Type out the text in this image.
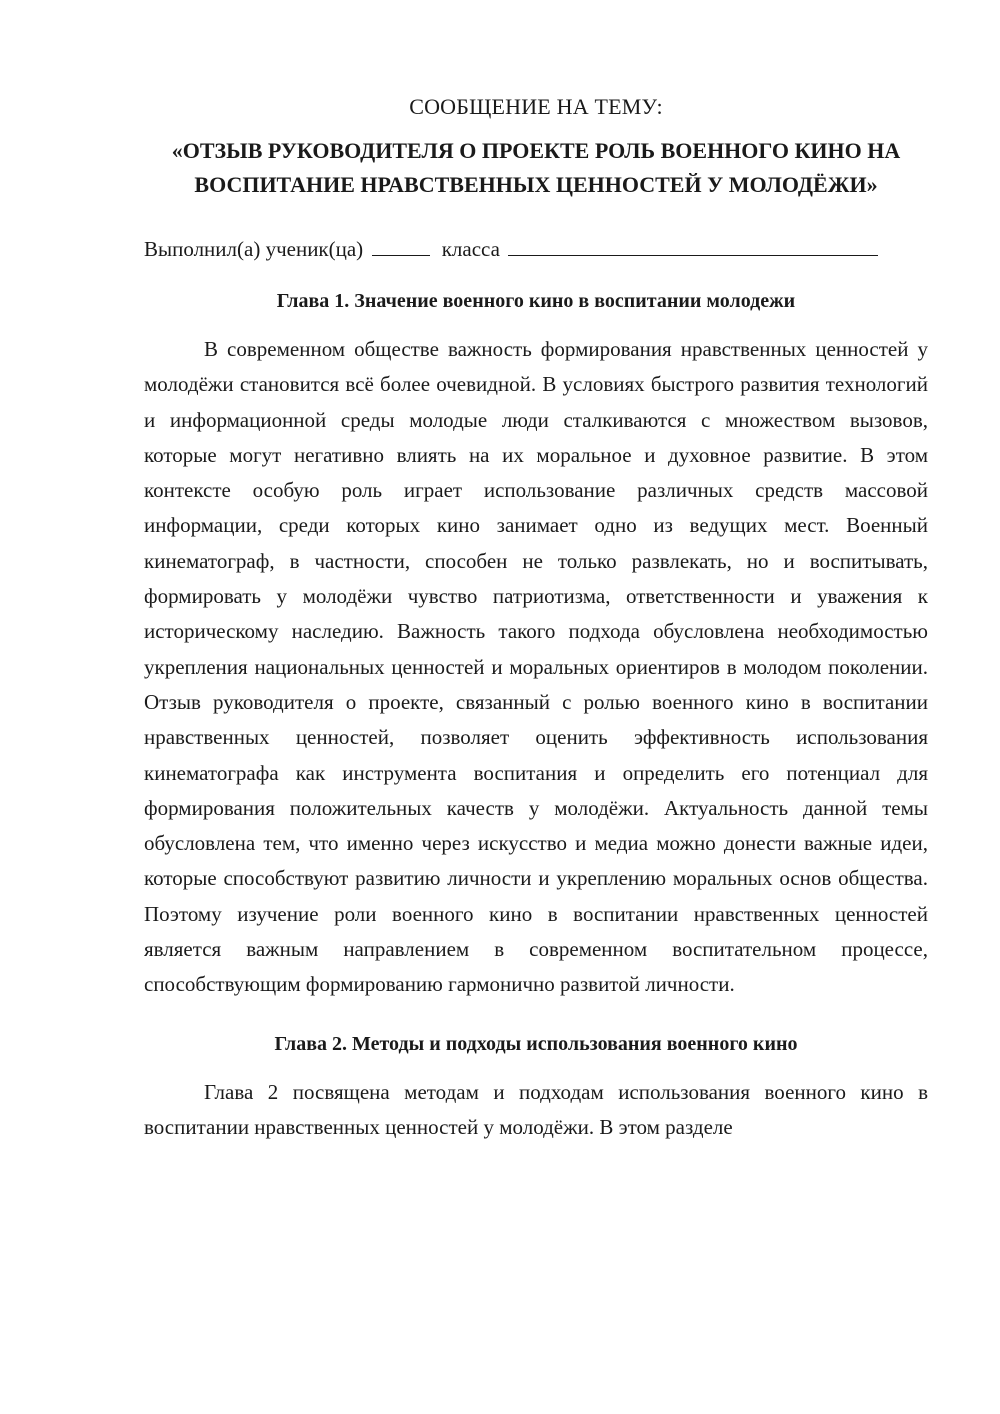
СООБЩЕНИЕ НА ТЕМУ:

«ОТЗЫВ РУКОВОДИТЕЛЯ О ПРОЕКТЕ РОЛЬ ВОЕННОГО КИНО НА ВОСПИТАНИЕ НРАВСТВЕННЫХ ЦЕННОСТЕЙ У МОЛОДЁЖИ»

Выполнил(а) ученик(ца)	класса

Глава 1. Значение военного кино в воспитании молодежи

В современном обществе важность формирования нравственных ценностей у молодёжи становится всё более очевидной. В условиях быстрого развития технологий и информационной среды молодые люди сталкиваются с множеством вызовов, которые могут негативно влиять на их моральное и духовное развитие. В этом контексте особую роль играет использование различных средств массовой информации, среди которых кино занимает одно из ведущих мест. Военный кинематограф, в частности, способен не только развлекать, но и воспитывать, формировать у молодёжи чувство патриотизма, ответственности и уважения к историческому наследию. Важность такого подхода обусловлена необходимостью укрепления национальных ценностей и моральных ориентиров в молодом поколении. Отзыв руководителя о проекте, связанный с ролью военного кино в воспитании нравственных ценностей, позволяет оценить эффективность использования кинематографа как инструмента воспитания и определить его потенциал для формирования положительных качеств у молодёжи. Актуальность данной темы обусловлена тем, что именно через искусство и медиа можно донести важные идеи, которые способствуют развитию личности и укреплению моральных основ общества. Поэтому изучение роли военного кино в воспитании нравственных ценностей является важным направлением в современном воспитательном процессе, способствующим формированию гармонично развитой личности.

Глава 2. Методы и подходы использования военного кино

Глава 2 посвящена методам и подходам использования военного кино в воспитании нравственных ценностей у молодёжи. В этом разделе
